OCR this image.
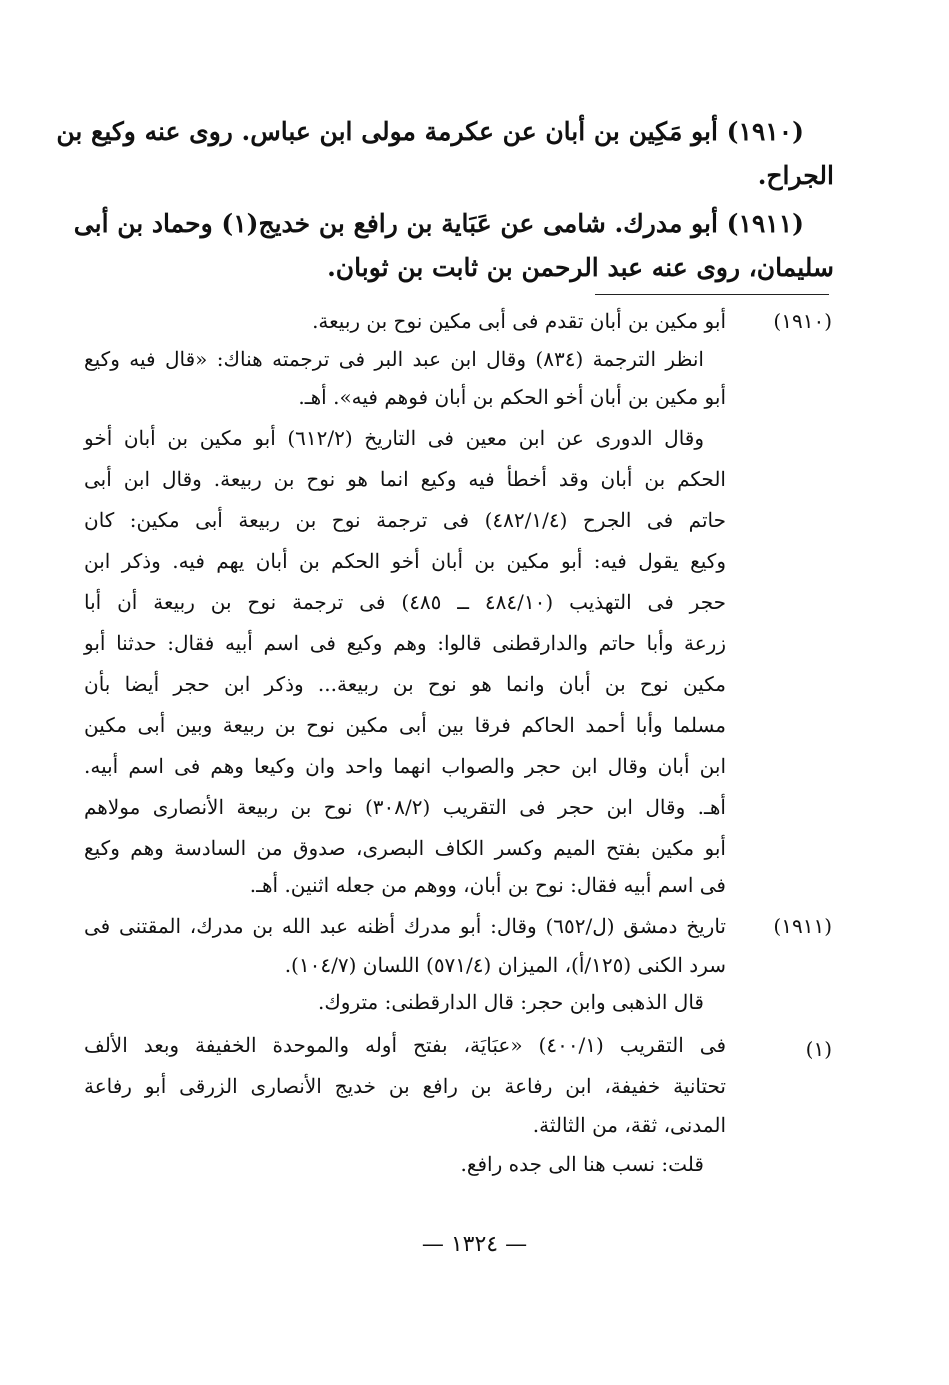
(١٩١٠) أبو مَكِين بن أبان عن عكرمة مولى ابن عباس. روى عنه وكيع بن
الجراح.
(١٩١١) أبو مدرك. شامى عن عَبَاية بن رافع بن خديج(١) وحماد بن أبى
سليمان، روى عنه عبد الرحمن بن ثابت بن ثوبان.
(١٩١٠)
أبو مكين بن أبان تقدم فى أبى مكين نوح بن ربيعة.
انظر الترجمة (٨٣٤) وقال ابن عبد البر فى ترجمته هناك: «قال فيه وكيع
أبو مكين بن أبان أخو الحكم بن أبان فوهم فيه». أهـ.
وقال الدورى عن ابن معين فى التاريخ (٦١٢/٢) أبو مكين بن أبان أخو
الحكم بن أبان وقد أخطأ فيه وكيع انما هو نوح بن ربيعة. وقال ابن أبى
حاتم فى الجرح (٤٨٢/١/٤) فى ترجمة نوح بن ربيعة أبى مكين: كان
وكيع يقول فيه: أبو مكين بن أبان أخو الحكم بن أبان يهم فيه. وذكر ابن
حجر فى التهذيب (٤٨٤/١٠ ــ ٤٨٥) فى ترجمة نوح بن ربيعة أن أبا
زرعة وأبا حاتم والدارقطنى قالوا: وهم وكيع فى اسم أبيه فقال: حدثنا أبو
مكين نوح بن أبان وانما هو نوح بن ربيعة... وذكر ابن حجر أيضا بأن
مسلما وأبا أحمد الحاكم فرقا بين أبى مكين نوح بن ربيعة وبين أبى مكين
ابن أبان وقال ابن حجر والصواب انهما واحد وان وكيعا وهم فى اسم أبيه.
أهـ. وقال ابن حجر فى التقريب (٣٠٨/٢) نوح بن ربيعة الأنصارى مولاهم
أبو مكين بفتح الميم وكسر الكاف البصرى، صدوق من السادسة وهم وكيع
فى اسم أبيه فقال: نوح بن أبان، ووهم من جعله اثنين. أهـ.
(١٩١١)
تاريخ دمشق (ل/٦٥٢) وقال: أبو مدرك أظنه عبد الله بن مدرك، المقتنى فى
سرد الكنى (١٢٥/أ)، الميزان (٥٧١/٤) اللسان (١٠٤/٧).
قال الذهبى وابن حجر: قال الدارقطنى: متروك.
(١)
فى التقريب (٤٠٠/١) «عبَايَة، بفتح أوله والموحدة الخفيفة وبعد الألف
تحتانية خفيفة، ابن رفاعة بن رافع بن خديج الأنصارى الزرقى أبو رفاعة
المدنى، ثقة، من الثالثة.
قلت: نسب هنا الى جده رافع.
— ١٣٢٤ —
